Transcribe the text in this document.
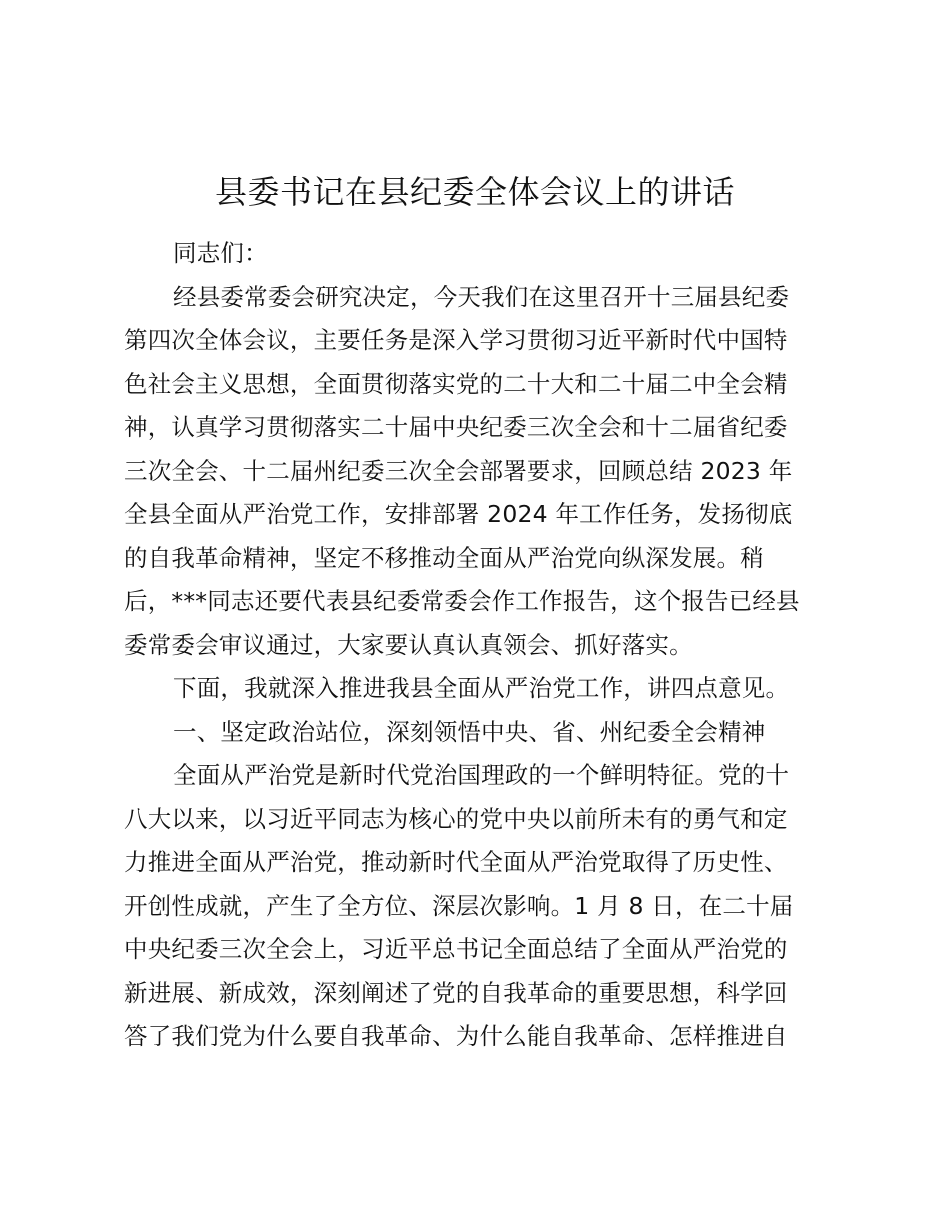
县委书记在县纪委全体会议上的讲话
同志们：
经县委常委会研究决定，今天我们在这里召开十三届县纪委
第四次全体会议，主要任务是深入学习贯彻习近平新时代中国特
色社会主义思想，全面贯彻落实党的二十大和二十届二中全会精
神，认真学习贯彻落实二十届中央纪委三次全会和十二届省纪委
三次全会、十二届州纪委三次全会部署要求，回顾总结 2023 年
全县全面从严治党工作，安排部署 2024 年工作任务，发扬彻底
的自我革命精神，坚定不移推动全面从严治党向纵深发展。稍
后，***同志还要代表县纪委常委会作工作报告，这个报告已经县
委常委会审议通过，大家要认真认真领会、抓好落实。
下面，我就深入推进我县全面从严治党工作，讲四点意见。
一、坚定政治站位，深刻领悟中央、省、州纪委全会精神
全面从严治党是新时代党治国理政的一个鲜明特征。党的十
八大以来，以习近平同志为核心的党中央以前所未有的勇气和定
力推进全面从严治党，推动新时代全面从严治党取得了历史性、
开创性成就，产生了全方位、深层次影响。1 月 8 日，在二十届
中央纪委三次全会上，习近平总书记全面总结了全面从严治党的
新进展、新成效，深刻阐述了党的自我革命的重要思想，科学回
答了我们党为什么要自我革命、为什么能自我革命、怎样推进自
